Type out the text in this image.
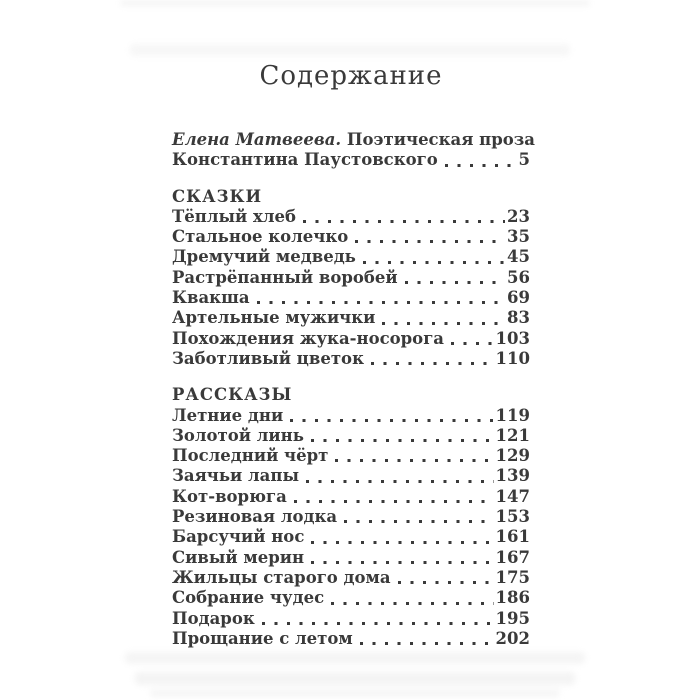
Содержание
Елена Матвеева. Поэтическая проза
Константина Паустовского	5
СКАЗКИ
Тёплый хлеб	23
Стальное колечко	35
Дремучий медведь	45
Растрёпанный воробей	56
Квакша	69
Артельные мужички	83
Похождения жука-носорога	103
Заботливый цветок	110
РАССКАЗЫ
Летние дни	119
Золотой линь	121
Последний чёрт	129
Заячьи лапы	139
Кот-ворюга	147
Резиновая лодка	153
Барсучий нос	161
Сивый мерин	167
Жильцы старого дома	175
Собрание чудес	186
Подарок	195
Прощание с летом	202
